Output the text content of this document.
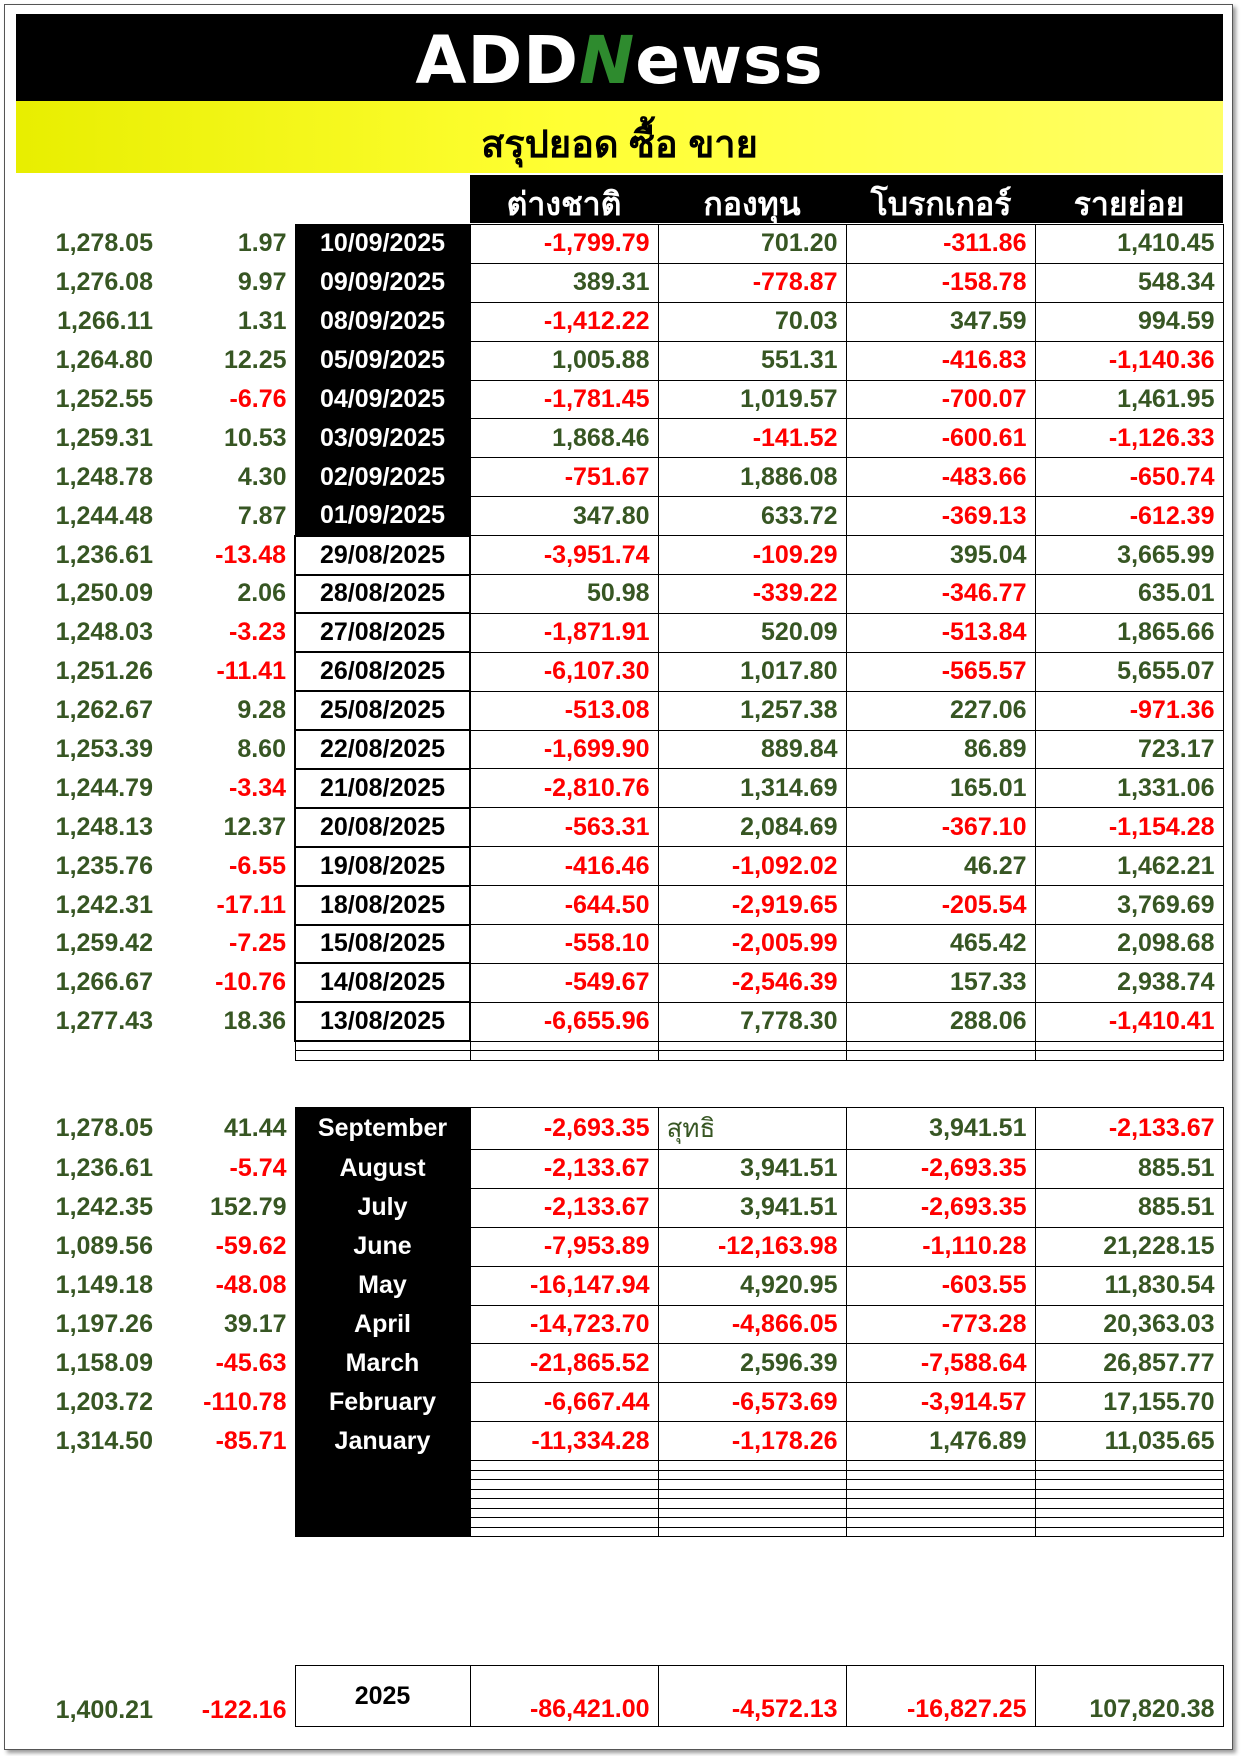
ADDNewss
สรุปยอด ซื้อ ขาย
ต่างชาติ	กองทุน	โบรกเกอร์	รายย่อย
1,278.05	1.97	10/09/2025	-1,799.79	701.20	-311.86	1,410.45
1,276.08	9.97	09/09/2025	389.31	-778.87	-158.78	548.34
1,266.11	1.31	08/09/2025	-1,412.22	70.03	347.59	994.59
1,264.80	12.25	05/09/2025	1,005.88	551.31	-416.83	-1,140.36
1,252.55	-6.76	04/09/2025	-1,781.45	1,019.57	-700.07	1,461.95
1,259.31	10.53	03/09/2025	1,868.46	-141.52	-600.61	-1,126.33
1,248.78	4.30	02/09/2025	-751.67	1,886.08	-483.66	-650.74
1,244.48	7.87	01/09/2025	347.80	633.72	-369.13	-612.39
1,236.61	-13.48	29/08/2025	-3,951.74	-109.29	395.04	3,665.99
1,250.09	2.06	28/08/2025	50.98	-339.22	-346.77	635.01
1,248.03	-3.23	27/08/2025	-1,871.91	520.09	-513.84	1,865.66
1,251.26	-11.41	26/08/2025	-6,107.30	1,017.80	-565.57	5,655.07
1,262.67	9.28	25/08/2025	-513.08	1,257.38	227.06	-971.36
1,253.39	8.60	22/08/2025	-1,699.90	889.84	86.89	723.17
1,244.79	-3.34	21/08/2025	-2,810.76	1,314.69	165.01	1,331.06
1,248.13	12.37	20/08/2025	-563.31	2,084.69	-367.10	-1,154.28
1,235.76	-6.55	19/08/2025	-416.46	-1,092.02	46.27	1,462.21
1,242.31	-17.11	18/08/2025	-644.50	-2,919.65	-205.54	3,769.69
1,259.42	-7.25	15/08/2025	-558.10	-2,005.99	465.42	2,098.68
1,266.67	-10.76	14/08/2025	-549.67	-2,546.39	157.33	2,938.74
1,277.43	18.36	13/08/2025	-6,655.96	7,778.30	288.06	-1,410.41

1,278.05	41.44	September	-2,693.35	สุทธิ	3,941.51	-2,133.67
1,236.61	-5.74	August	-2,133.67	3,941.51	-2,693.35	885.51
1,242.35	152.79	July	-2,133.67	3,941.51	-2,693.35	885.51
1,089.56	-59.62	June	-7,953.89	-12,163.98	-1,110.28	21,228.15
1,149.18	-48.08	May	-16,147.94	4,920.95	-603.55	11,830.54
1,197.26	39.17	April	-14,723.70	-4,866.05	-773.28	20,363.03
1,158.09	-45.63	March	-21,865.52	2,596.39	-7,588.64	26,857.77
1,203.72	-110.78	February	-6,667.44	-6,573.69	-3,914.57	17,155.70
1,314.50	-85.71	January	-11,334.28	-1,178.26	1,476.89	11,035.65

1,400.21	-122.16	2025	-86,421.00	-4,572.13	-16,827.25	107,820.38
